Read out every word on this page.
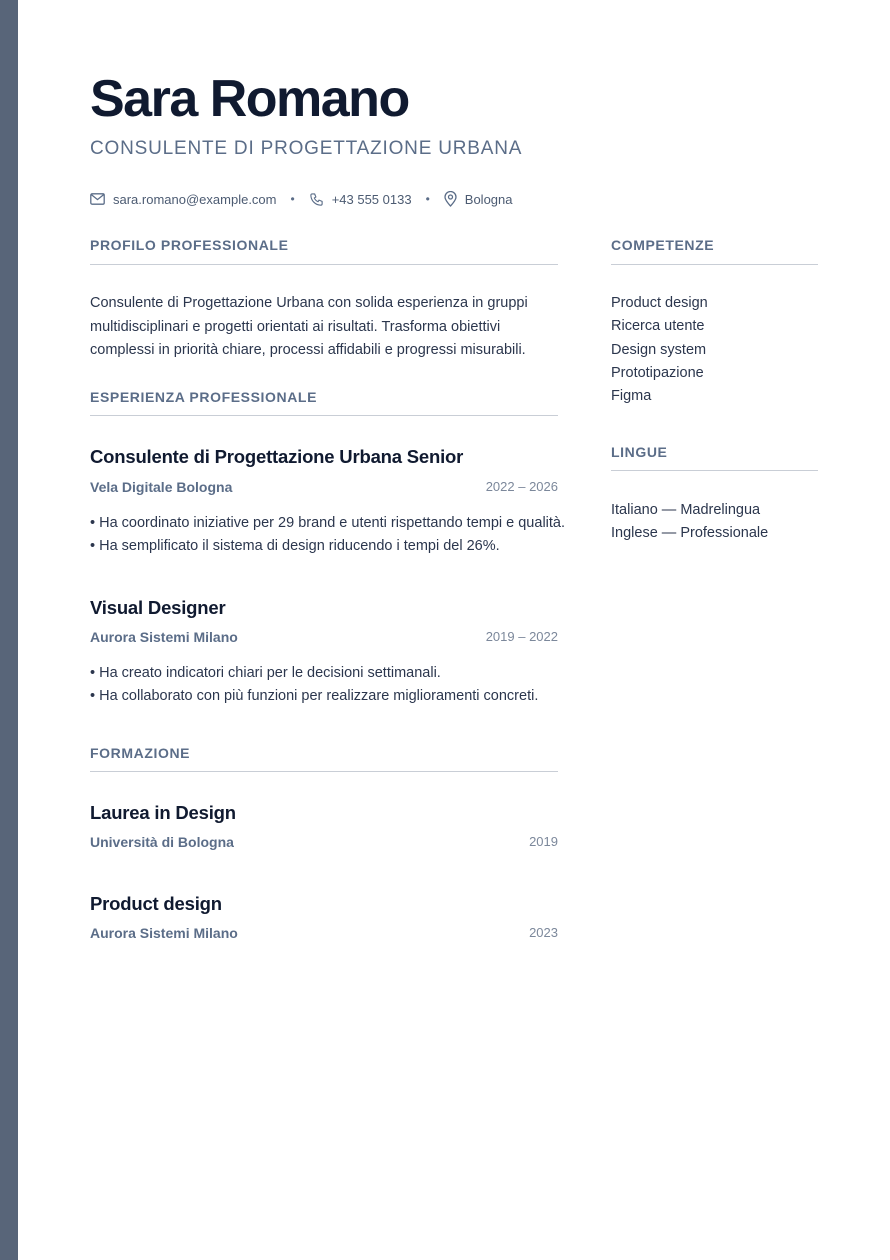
Sara Romano
CONSULENTE DI PROGETTAZIONE URBANA
sara.romano@example.com •	+43 555 0133 •	Bologna
PROFILO PROFESSIONALE

Consulente di Progettazione Urbana con solida esperienza in gruppi multidisciplinari e progetti orientati ai risultati. Trasforma obiettivi complessi in priorità chiare, processi affidabili e progressi misurabili.

ESPERIENZA PROFESSIONALE
Consulente di Progettazione Urbana Senior
Vela Digitale Bologna	2022 – 2026
• Ha coordinato iniziative per 29 brand e utenti rispettando tempi e qualità.
• Ha semplificato il sistema di design riducendo i tempi del 26%.
Visual Designer
Aurora Sistemi Milano	2019 – 2022
• Ha creato indicatori chiari per le decisioni settimanali.
• Ha collaborato con più funzioni per realizzare miglioramenti concreti.
FORMAZIONE
Laurea in Design
Università di Bologna	2019
Product design
Aurora Sistemi Milano	2023
COMPETENZE
Product design
Ricerca utente
Design system
Prototipazione
Figma
LINGUE
Italiano — Madrelingua
Inglese — Professionale
